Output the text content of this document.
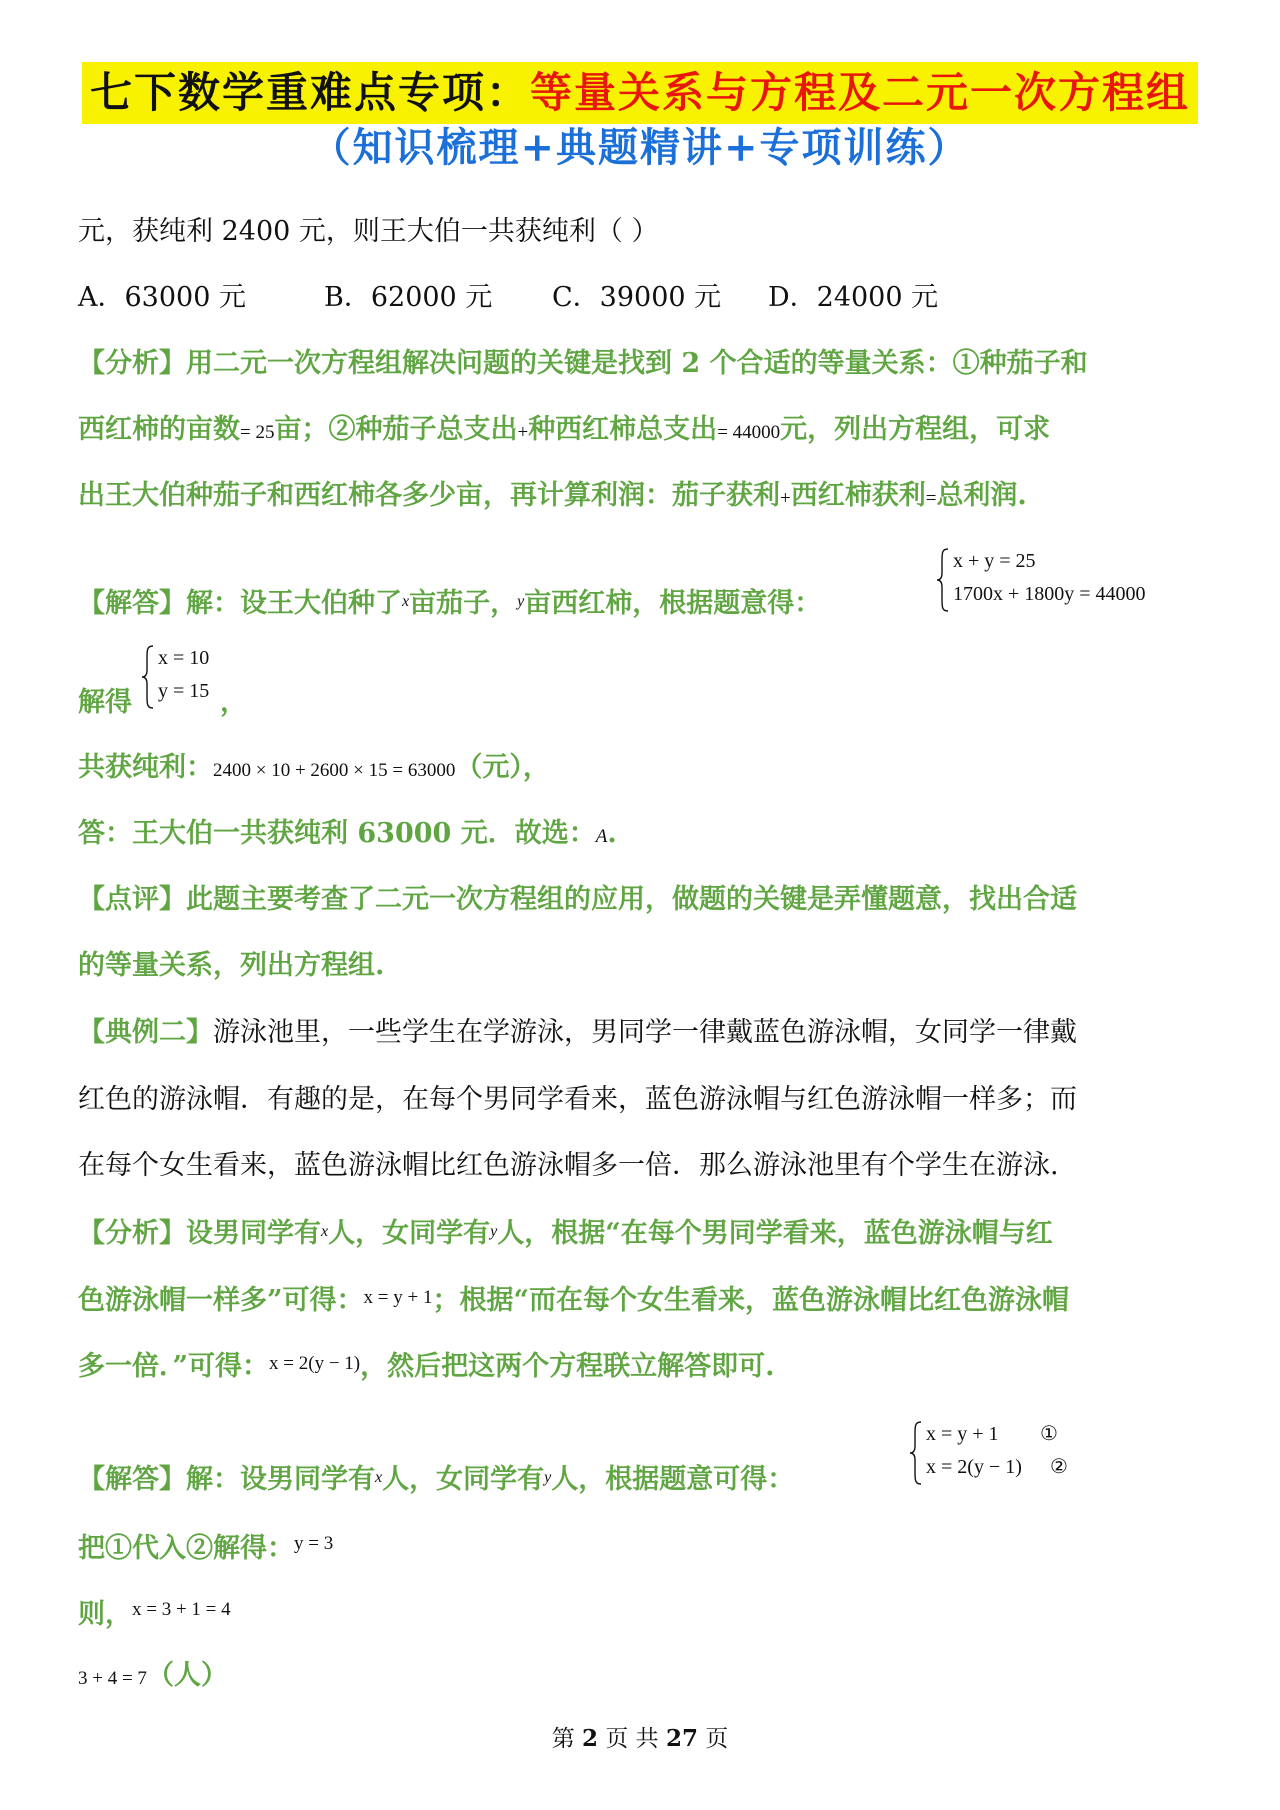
七下数学重难点专项：等量关系与方程及二元一次方程组
（知识梳理+典题精讲+专项训练）
元，获纯利 2400 元，则王大伯一共获纯利（ ）
A．63000 元	B．62000 元 C．39000 元 D．24000 元
【分析】用二元一次方程组解决问题的关键是找到 2 个合适的等量关系：①种茄子和
西红柿的亩数= 25亩；②种茄子总支出+种西红柿总支出= 44000元，列出方程组，可求
出王大伯种茄子和西红柿各多少亩，再计算利润：茄子获利+西红柿获利=总利润.
【解答】解：设王大伯种了$^x$亩茄子，$^y$亩西红柿，根据题意得：
x + y = 25
1700x + 1800y = 44000
x = 10
y = 15
解得	，
共获纯利：2400 × 10 + 2600 × 15 = 63000（元），
答：王大伯一共获纯利 63000 元．故选：A.
【点评】此题主要考查了二元一次方程组的应用，做题的关键是弄懂题意，找出合适
的等量关系，列出方程组.
【典例二】游泳池里，一些学生在学游泳，男同学一律戴蓝色游泳帽，女同学一律戴
红色的游泳帽．有趣的是，在每个男同学看来，蓝色游泳帽与红色游泳帽一样多；而
在每个女生看来，蓝色游泳帽比红色游泳帽多一倍．那么游泳池里有个学生在游泳.
【分析】设男同学有$^x$人，女同学有$^y$人，根据“在每个男同学看来，蓝色游泳帽与红
色游泳帽一样多”可得：$^{x = y + 1}$；根据“而在每个女生看来，蓝色游泳帽比红色游泳帽
多一倍．”可得：$^{x = 2(y - 1)}$，然后把这两个方程联立解答即可.
【解答】解：设男同学有$^x$人，女同学有$^y$人，根据题意可得：
x = y + 1 ①
x = 2(y − 1) ②
把①代入②解得：$^{y = 3}$
则，$^{x = 3 + 1 = 4}$
3 + 4 = 7（人）
第 2 页 共 27 页
